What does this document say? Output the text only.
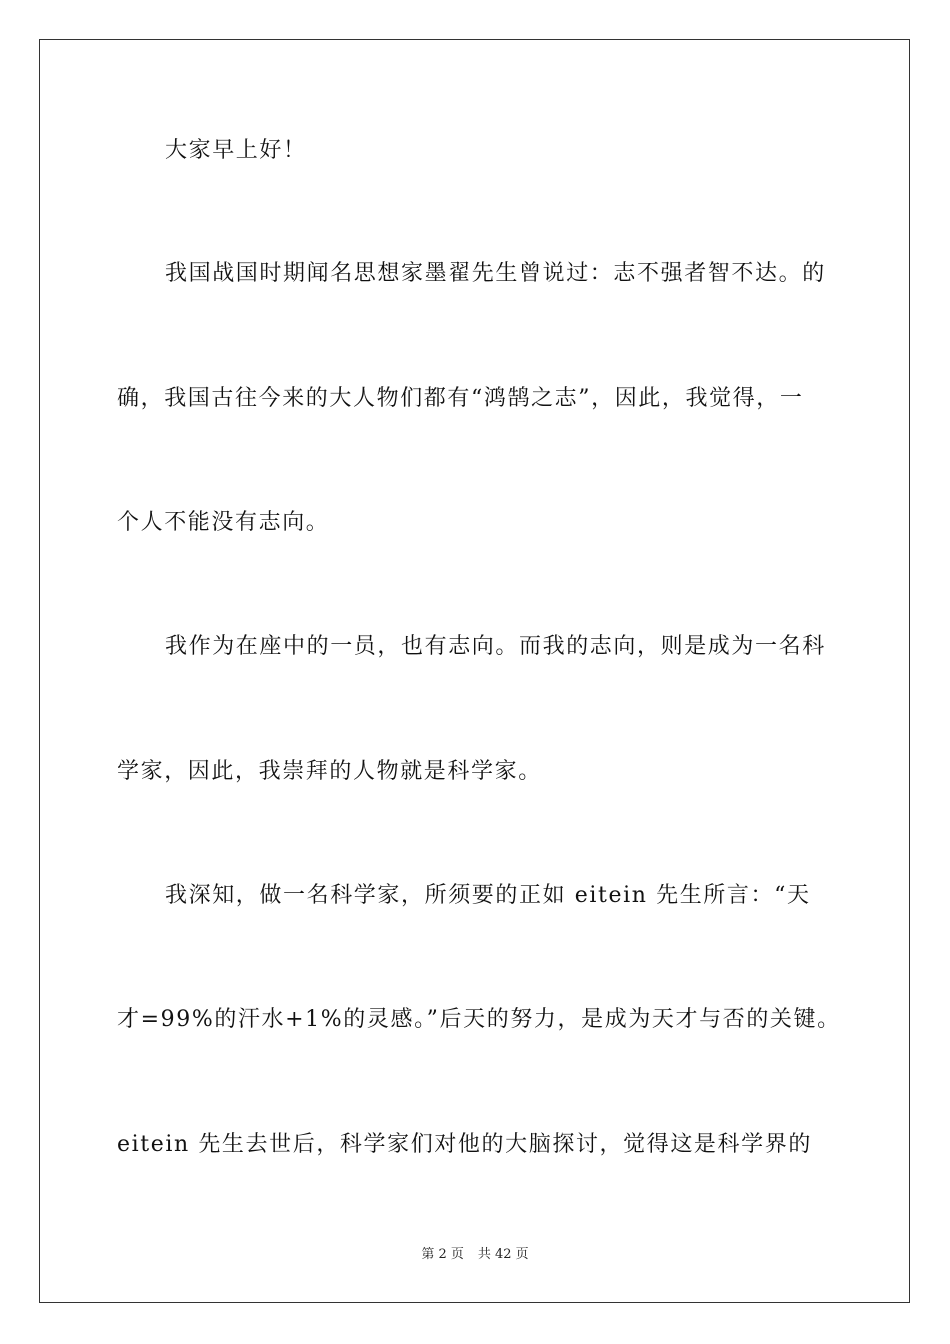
大家早上好！
我国战国时期闻名思想家墨翟先生曾说过：志不强者智不达。的
确，我国古往今来的大人物们都有“鸿鹄之志”，因此，我觉得，一
个人不能没有志向。
我作为在座中的一员，也有志向。而我的志向，则是成为一名科
学家，因此，我崇拜的人物就是科学家。
我深知，做一名科学家，所须要的正如 eitein 先生所言：“天
才=99%的汗水+1%的灵感。”后天的努力，是成为天才与否的关键。
eitein 先生去世后，科学家们对他的大脑探讨，觉得这是科学界的
第 2 页 共 42 页
